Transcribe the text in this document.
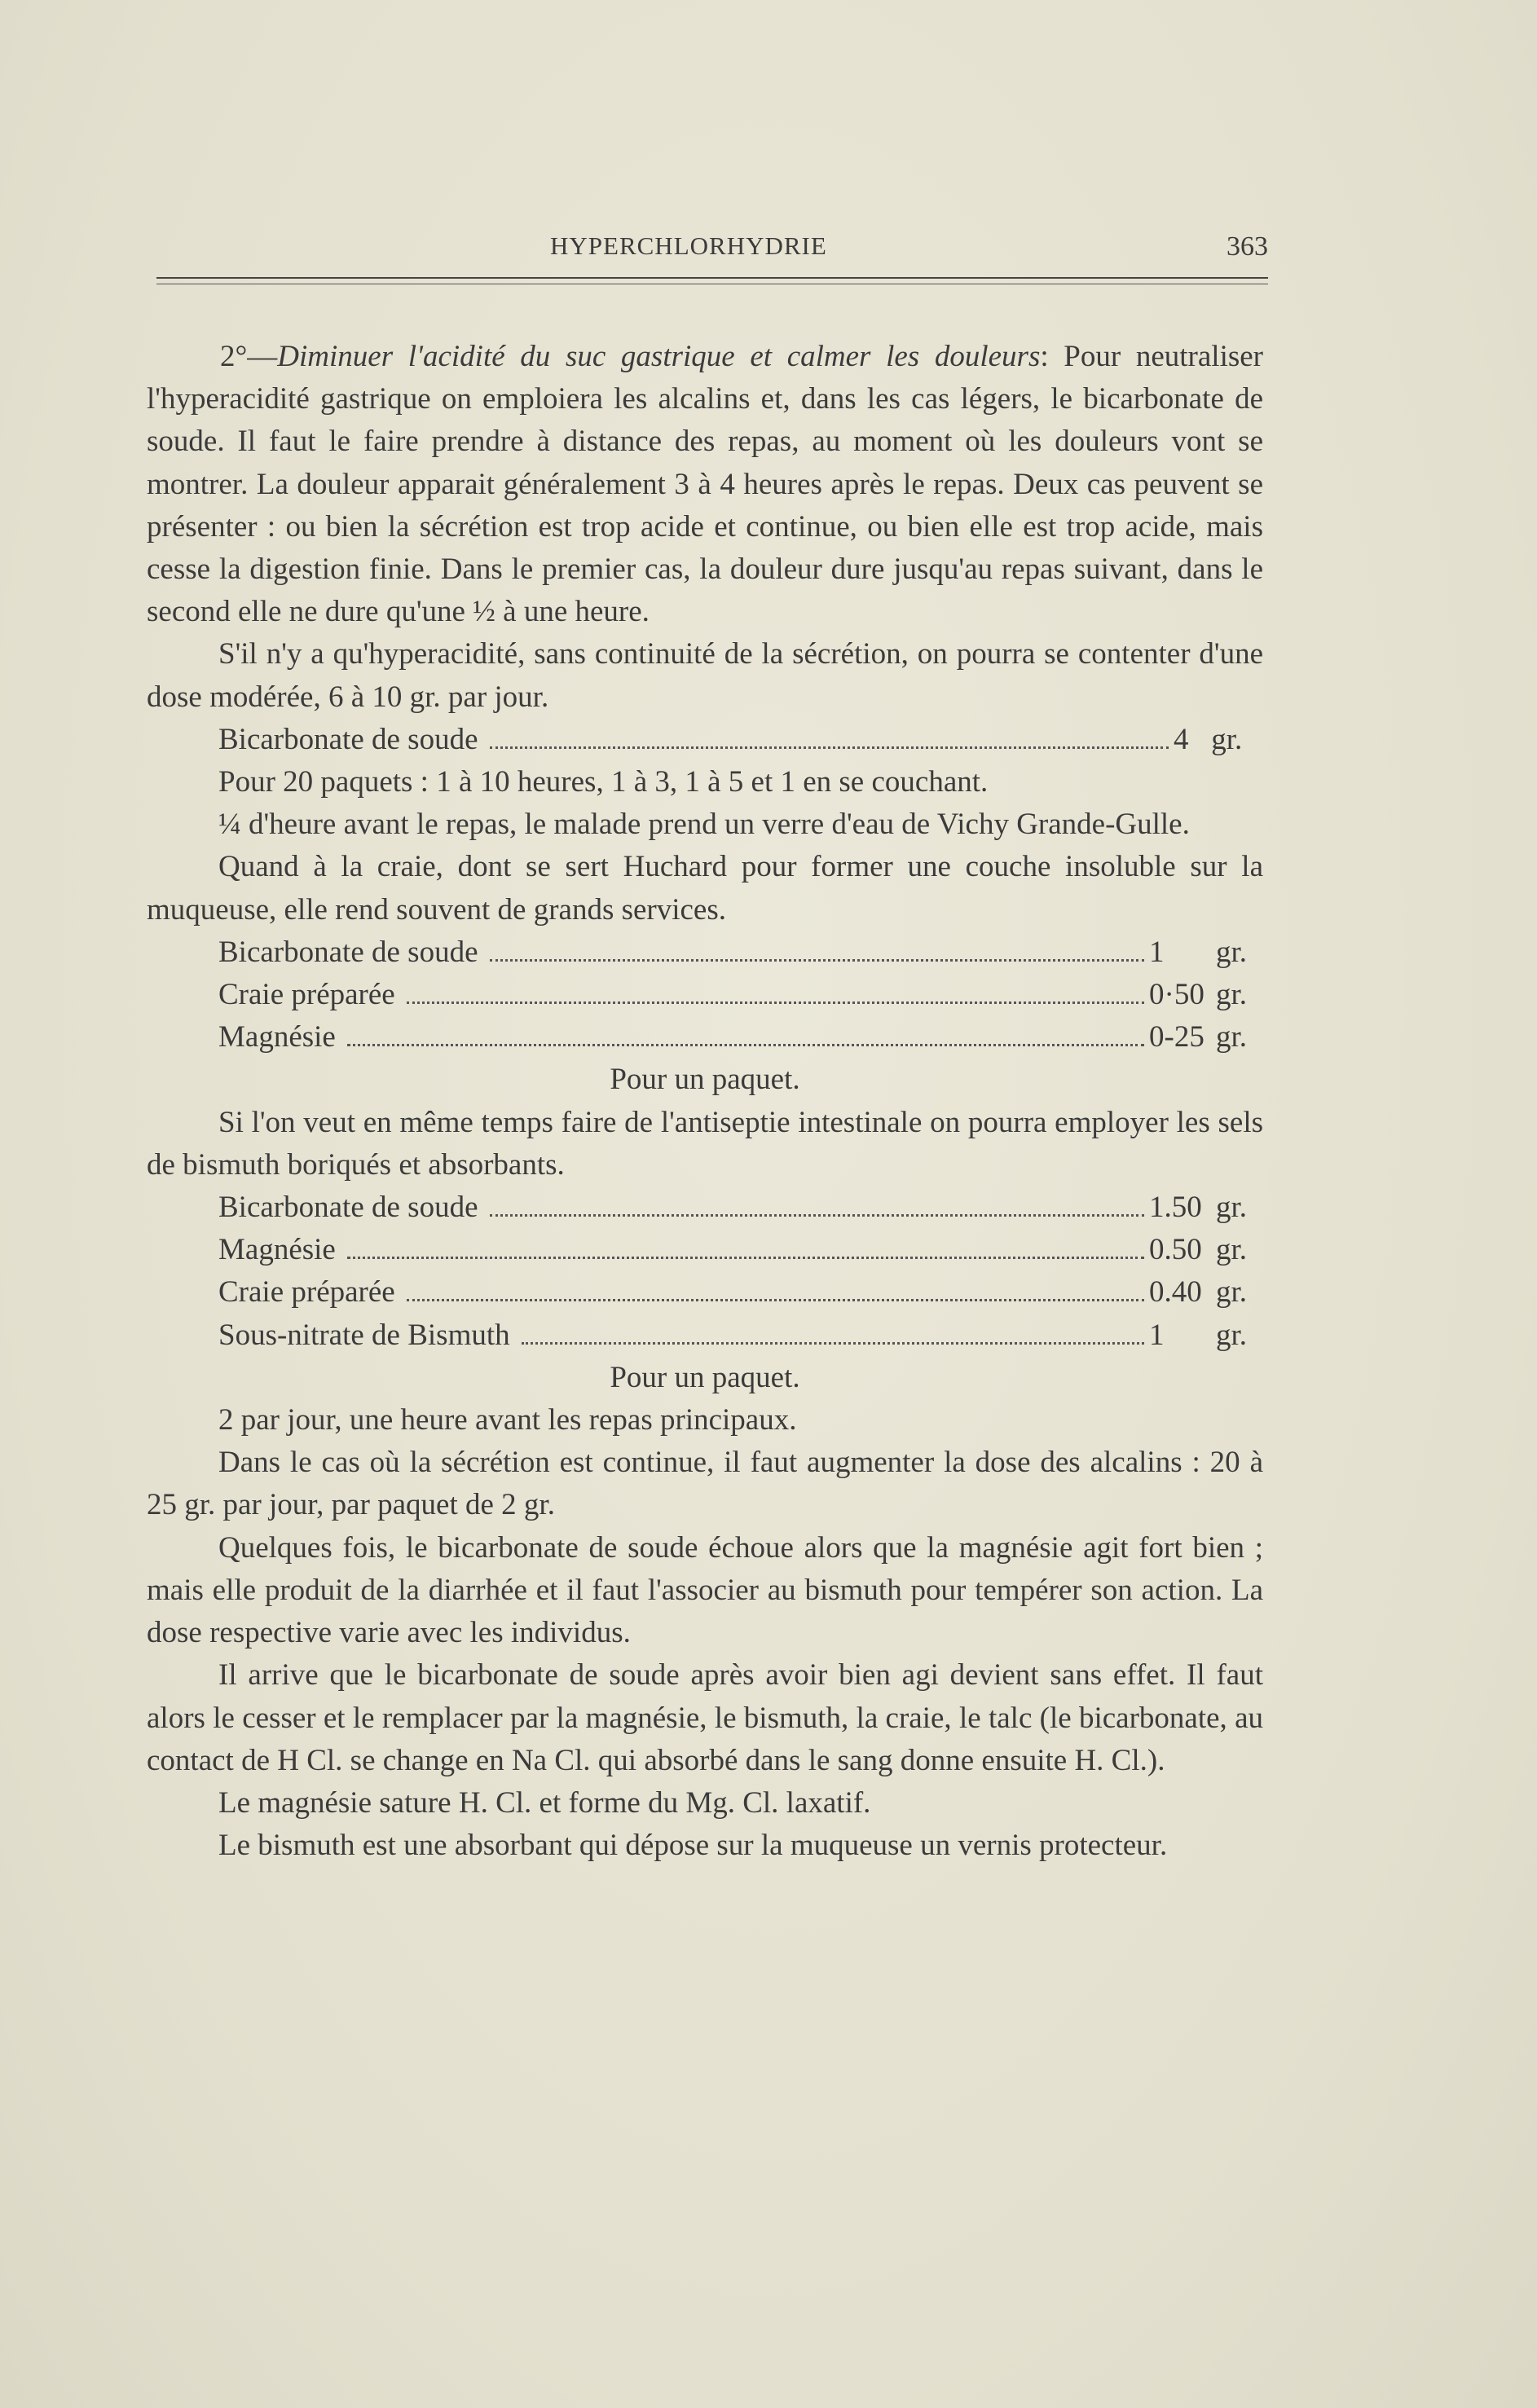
HYPERCHLORHYDRIE	363

2°—Diminuer l'acidité du suc gastrique et calmer les douleurs: Pour neutraliser l'hyperacidité gastrique on emploiera les alcalins et, dans les cas légers, le bicarbonate de soude. Il faut le faire prendre à distance des repas, au moment où les douleurs vont se montrer. La douleur apparait généralement 3 à 4 heures après le repas. Deux cas peuvent se présenter : ou bien la sécrétion est trop acide et continue, ou bien elle est trop acide, mais cesse la digestion finie. Dans le premier cas, la douleur dure jusqu'au repas suivant, dans le second elle ne dure qu'une ½ à une heure.

S'il n'y a qu'hyperacidité, sans continuité de la sécrétion, on pourra se contenter d'une dose modérée, 6 à 10 gr. par jour.

Bicarbonate de soude	4 gr.

Pour 20 paquets : 1 à 10 heures, 1 à 3, 1 à 5 et 1 en se couchant.

¼ d'heure avant le repas, le malade prend un verre d'eau de Vichy Grande-Gulle.

Quand à la craie, dont se sert Huchard pour former une couche insoluble sur la muqueuse, elle rend souvent de grands services.

Bicarbonate de soude	1 gr.
Craie préparée	0·50 gr.
Magnésie	0-25 gr.

Pour un paquet.

Si l'on veut en même temps faire de l'antiseptie intestinale on pourra employer les sels de bismuth boriqués et absorbants.

Bicarbonate de soude	1.50 gr.
Magnésie	0.50 gr.
Craie préparée	0.40 gr.
Sous-nitrate de Bismuth	1 gr.

Pour un paquet.

2 par jour, une heure avant les repas principaux.

Dans le cas où la sécrétion est continue, il faut augmenter la dose des alcalins : 20 à 25 gr. par jour, par paquet de 2 gr.

Quelques fois, le bicarbonate de soude échoue alors que la magnésie agit fort bien ; mais elle produit de la diarrhée et il faut l'associer au bismuth pour tempérer son action. La dose respective varie avec les individus.

Il arrive que le bicarbonate de soude après avoir bien agi devient sans effet. Il faut alors le cesser et le remplacer par la magnésie, le bismuth, la craie, le talc (le bicarbonate, au contact de H Cl. se change en Na Cl. qui absorbé dans le sang donne ensuite H. Cl.).

Le magnésie sature H. Cl. et forme du Mg. Cl. laxatif.

Le bismuth est une absorbant qui dépose sur la muqueuse un vernis protecteur.
